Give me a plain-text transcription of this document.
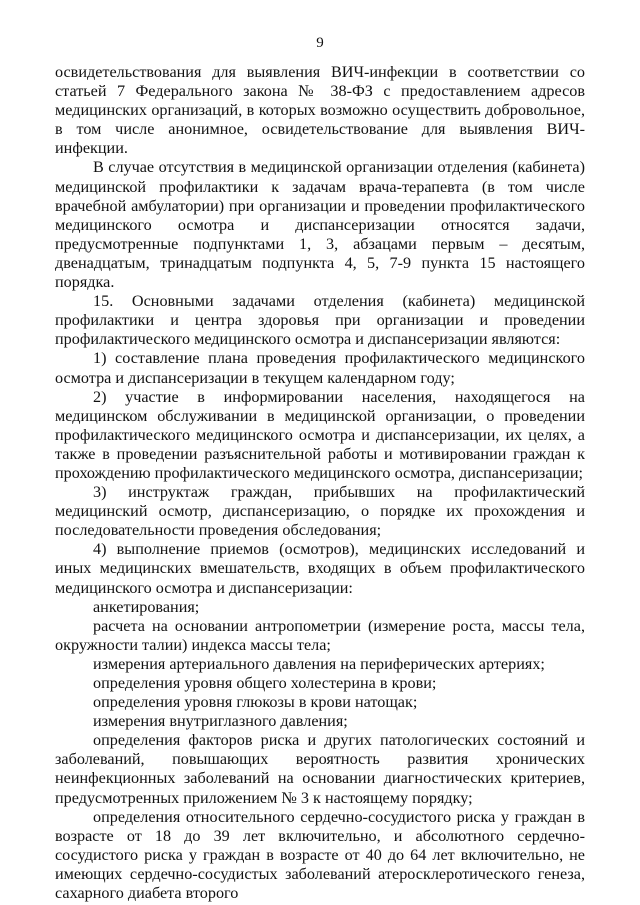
9

освидетельствования для выявления ВИЧ-инфекции в соответствии со статьей 7 Федерального закона № 38-ФЗ с предоставлением адресов медицинских организаций, в которых возможно осуществить добровольное, в том числе анонимное, освидетельствование для выявления ВИЧ-инфекции.

В случае отсутствия в медицинской организации отделения (кабинета) медицинской профилактики к задачам врача-терапевта (в том числе врачебной амбулатории) при организации и проведении профилактического медицинского осмотра и диспансеризации относятся задачи, предусмотренные подпунктами 1, 3, абзацами первым – десятым, двенадцатым, тринадцатым подпункта 4, 5, 7-9 пункта 15 настоящего порядка.

15. Основными задачами отделения (кабинета) медицинской профилактики и центра здоровья при организации и проведении профилактического медицинского осмотра и диспансеризации являются:

1) составление плана проведения профилактического медицинского осмотра и диспансеризации в текущем календарном году;

2) участие в информировании населения, находящегося на медицинском обслуживании в медицинской организации, о проведении профилактического медицинского осмотра и диспансеризации, их целях, а также в проведении разъяснительной работы и мотивировании граждан к прохождению профилактического медицинского осмотра, диспансеризации;

3) инструктаж граждан, прибывших на профилактический медицинский осмотр, диспансеризацию, о порядке их прохождения и последовательности проведения обследования;

4) выполнение приемов (осмотров), медицинских исследований и иных медицинских вмешательств, входящих в объем профилактического медицинского осмотра и диспансеризации:

анкетирования;

расчета на основании антропометрии (измерение роста, массы тела, окружности талии) индекса массы тела;

измерения артериального давления на периферических артериях;

определения уровня общего холестерина в крови;

определения уровня глюкозы в крови натощак;

измерения внутриглазного давления;

определения факторов риска и других патологических состояний и заболеваний, повышающих вероятность развития хронических неинфекционных заболеваний на основании диагностических критериев, предусмотренных приложением № 3 к настоящему порядку;

определения относительного сердечно-сосудистого риска у граждан в возрасте от 18 до 39 лет включительно, и абсолютного сердечно-сосудистого риска у граждан в возрасте от 40 до 64 лет включительно, не имеющих сердечно-сосудистых заболеваний атеросклеротического генеза, сахарного диабета второго
